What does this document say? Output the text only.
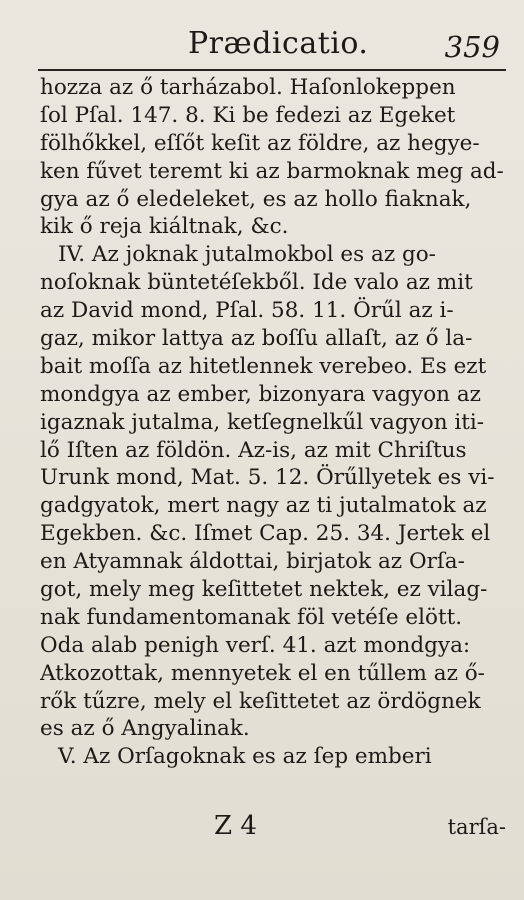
Prædicatio.	359
hozza az ő tarházabol. Haſonlokeppen
ſol Pſal. 147. 8. Ki be fedezi az Egeket
fölhőkkel, eſſőt keſit az földre, az hegye-
ken fűvet teremt ki az barmoknak meg ad-
gya az ő eledeleket, es az hollo fiaknak,
kik ő reja kiáltnak, &c.
IV. Az joknak jutalmokbol es az go-
noſoknak büntetéſekből. Ide valo az mit
az David mond, Pſal. 58. 11. Örűl az i-
gaz, mikor lattya az boſſu allaſt, az ő la-
bait moſſa az hitetlennek verebeo. Es ezt
mondgya az ember, bizonyara vagyon az
igaznak jutalma, ketſegnelkűl vagyon iti-
lő Iſten az földön. Az-is, az mit Chriſtus
Urunk mond, Mat. 5. 12. Örűllyetek es vi-
gadgyatok, mert nagy az ti jutalmatok az
Egekben. &c. Iſmet Cap. 25. 34. Jertek el
en Atyamnak áldottai, birjatok az Orſa-
got, mely meg keſittetet nektek, ez vilag-
nak fundamentomanak föl vetéſe elött.
Oda alab penigh verſ. 41. azt mondgya:
Atkozottak, mennyetek el en tűllem az ő-
rők tűzre, mely el keſittetet az ördögnek
es az ő Angyalinak.
V. Az Orſagoknak es az ſep emberi
Z 4	tarſa-
